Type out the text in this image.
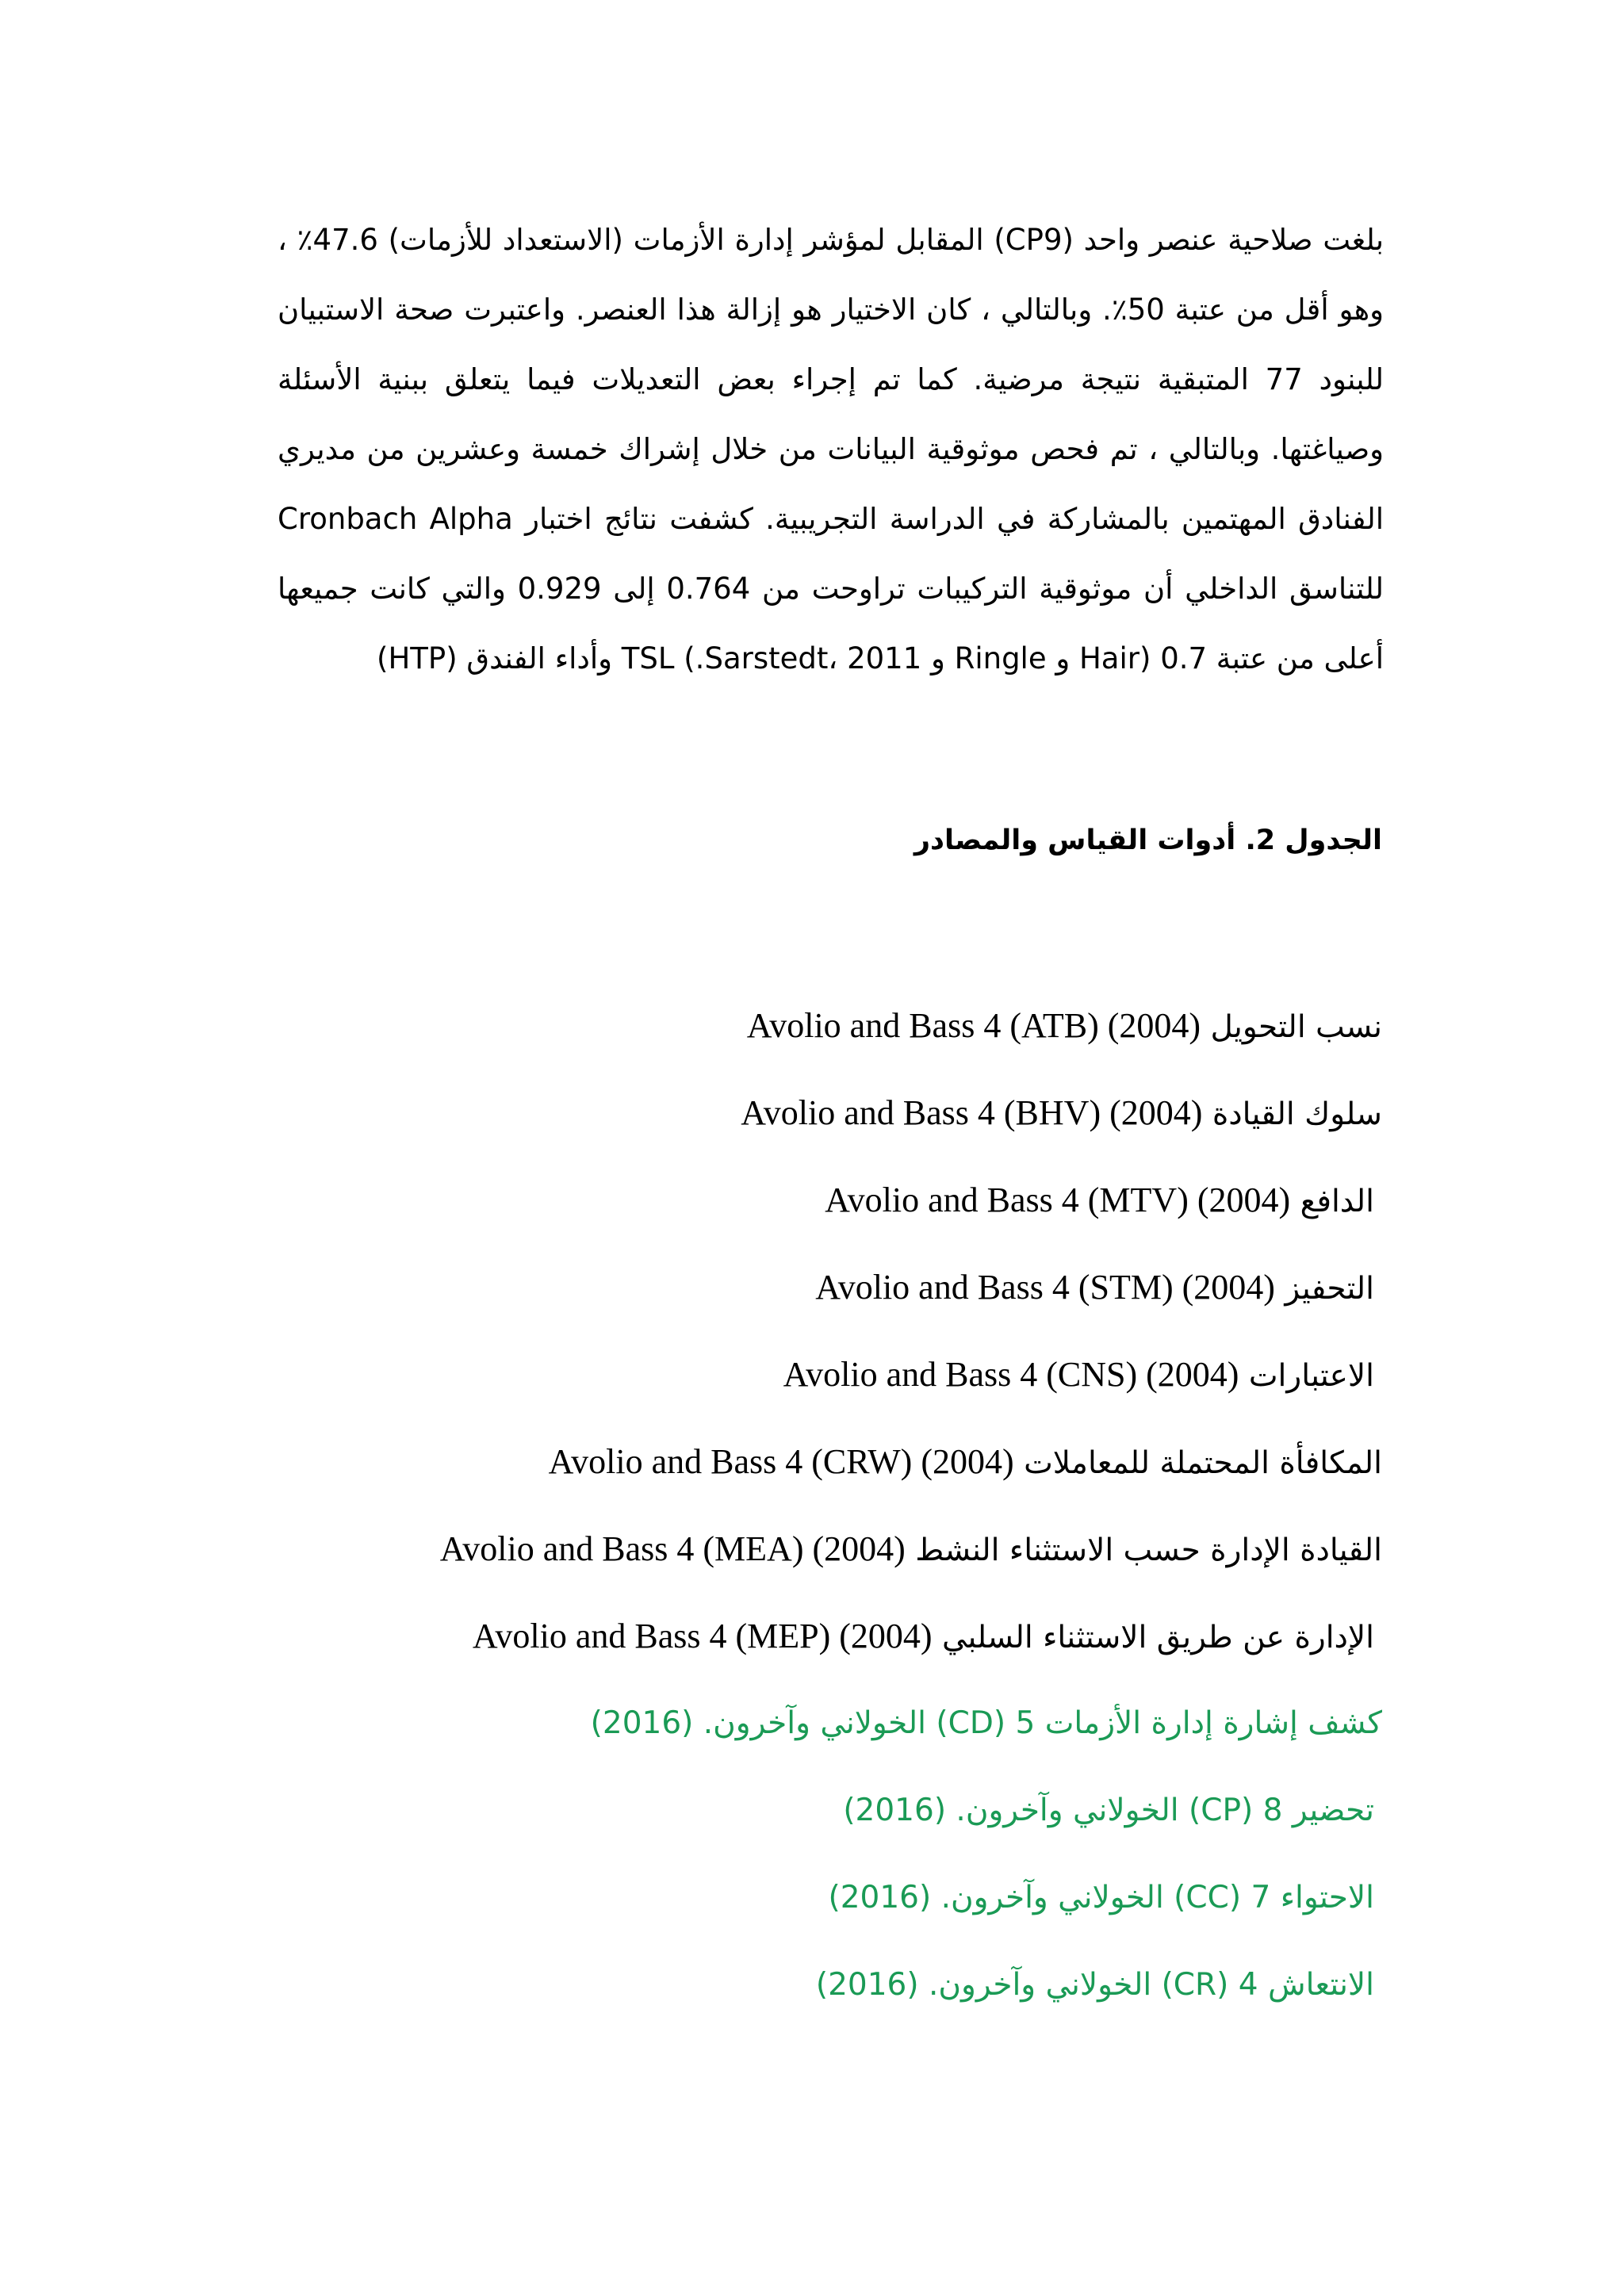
بلغت صلاحية عنصر واحد (CP9) المقابل لمؤشر إدارة الأزمات (الاستعداد للأزمات) 47.6٪ ، وهو أقل من عتبة 50٪. وبالتالي ، كان الاختيار هو إزالة هذا العنصر. واعتبرت صحة الاستبيان للبنود 77 المتبقية نتيجة مرضية. كما تم إجراء بعض التعديلات فيما يتعلق ببنية الأسئلة وصياغتها. وبالتالي ، تم فحص موثوقية البيانات من خلال إشراك خمسة وعشرين من مديري الفنادق المهتمين بالمشاركة في الدراسة التجريبية. كشفت نتائج اختبار Cronbach Alpha للتناسق الداخلي أن موثوقية التركيبات تراوحت من 0.764 إلى 0.929 والتي كانت جميعها أعلى من عتبة 0.7 (Hair و Ringle و Sarstedt، 2011.) TSL وأداء الفندق (HTP)

الجدول 2. أدوات القياس والمصادر
نسب التحويل Avolio and Bass 4 (ATB) (2004)
سلوك القيادة Avolio and Bass 4 (BHV) (2004)
الدافع Avolio and Bass 4 (MTV) (2004)
التحفيز Avolio and Bass 4 (STM) (2004)
الاعتبارات Avolio and Bass 4 (CNS) (2004)
المكافأة المحتملة للمعاملات Avolio and Bass 4 (CRW) (2004)
القيادة الإدارة حسب الاستثناء النشط Avolio and Bass 4 (MEA) (2004)
الإدارة عن طريق الاستثناء السلبي Avolio and Bass 4 (MEP) (2004)
كشف إشارة إدارة الأزمات 5 (CD) الخولاني وآخرون. (2016)
تحضير 8 (CP) الخولاني وآخرون. (2016)
الاحتواء 7 (CC) الخولاني وآخرون. (2016)
الانتعاش 4 (CR) الخولاني وآخرون. (2016)
